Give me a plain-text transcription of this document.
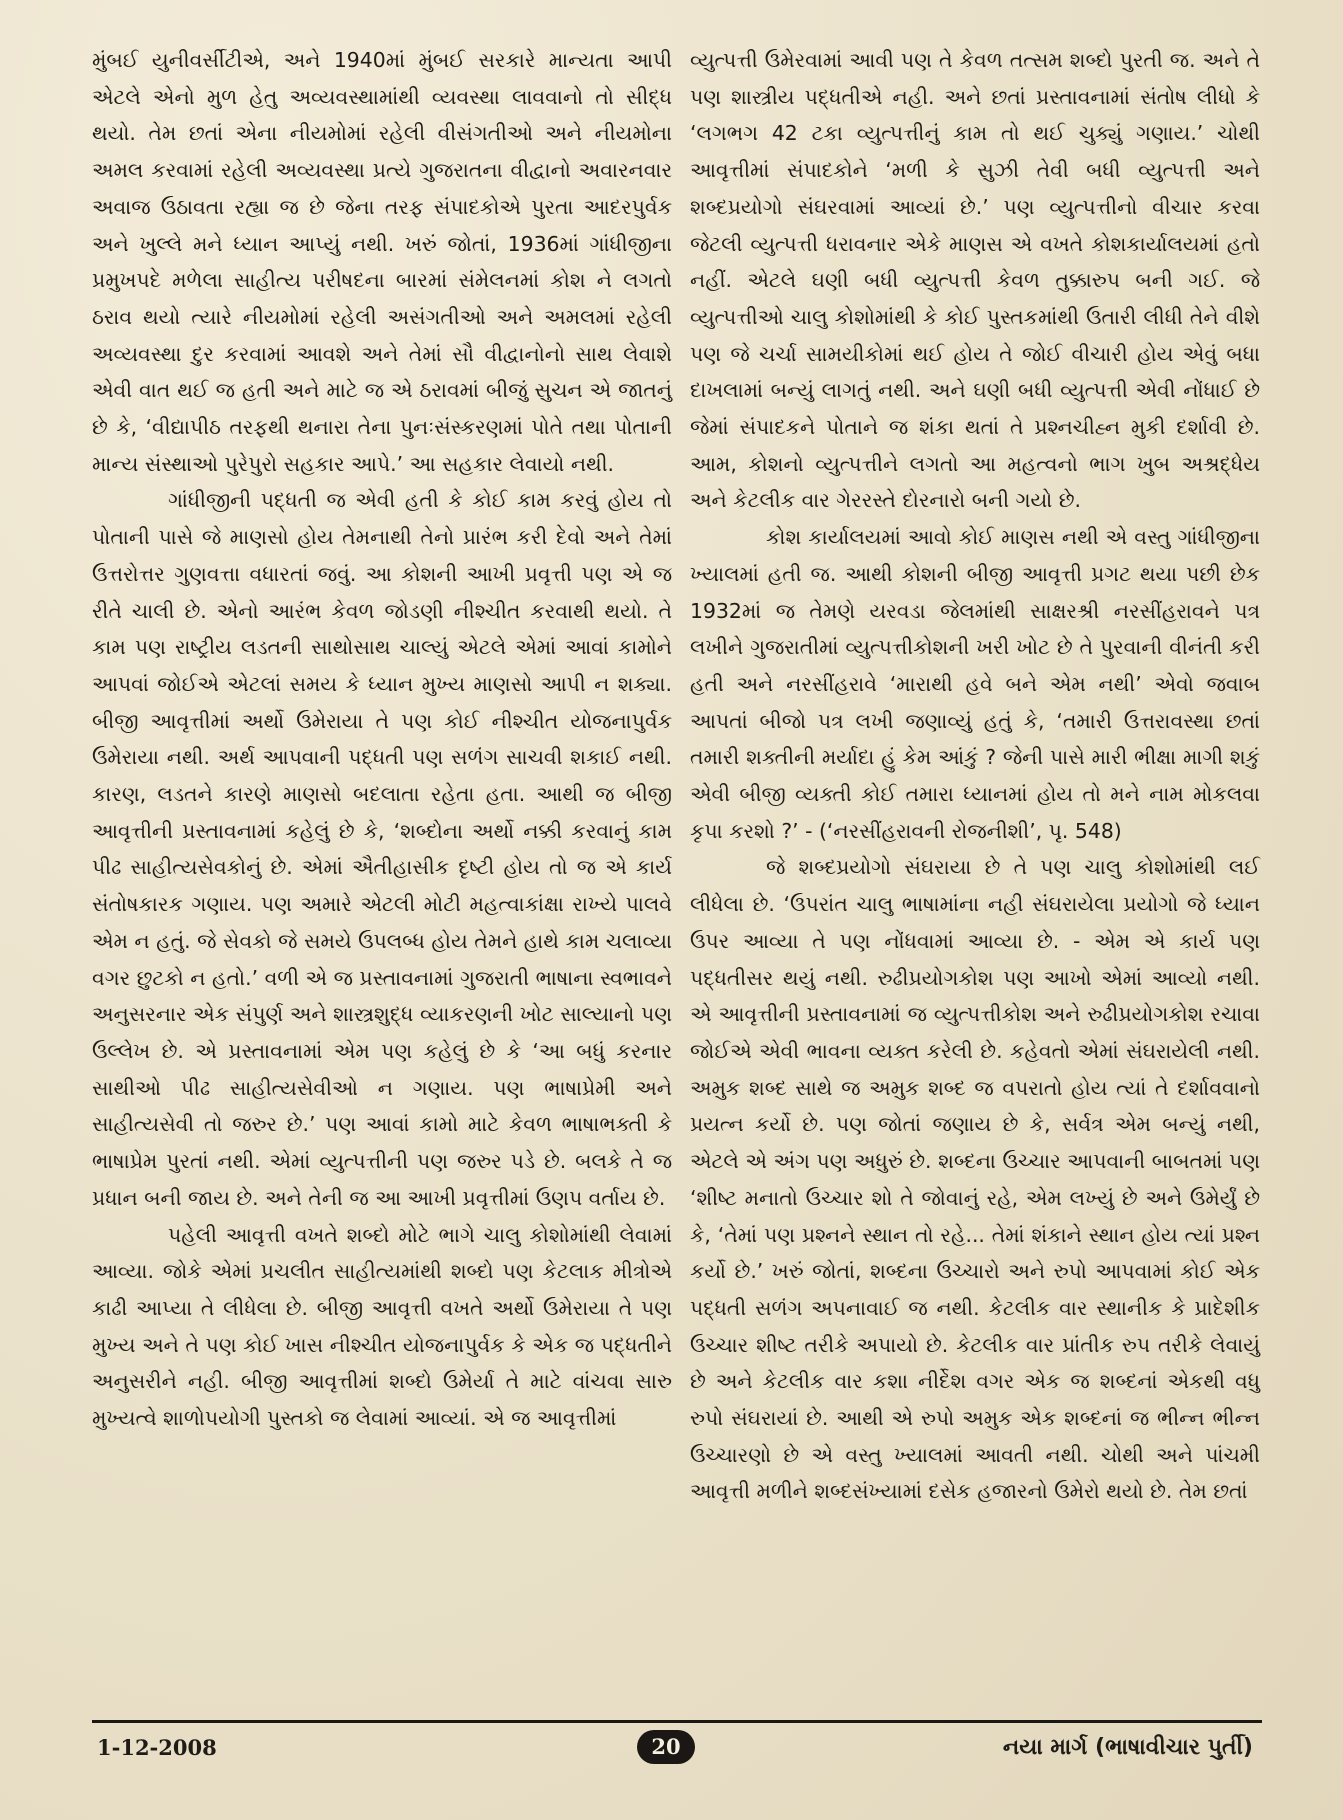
મુંબઈ યુનીવર્સીટીએ, અને 1940માં મુંબઈ સરકારે માન્યતા આપી એટલે એનો મુળ હેતુ અવ્યવસ્થામાંથી વ્યવસ્થા લાવવાનો તો સીદ્ધ થયો. તેમ છતાં એના નીયમોમાં રહેલી વીસંગતીઓ અને નીયમોના અમલ કરવામાં રહેલી અવ્યવસ્થા પ્રત્યે ગુજરાતના વીદ્વાનો અવારનવાર અવાજ ઉઠાવતા રહ્યા જ છે જેના તરફ સંપાદકોએ પુરતા આદરપુર્વક અને ખુલ્લે મને ધ્યાન આપ્યું નથી. ખરું જોતાં, 1936માં ગાંધીજીના પ્રમુખપદે મળેલા સાહીત્ય પરીષદના બારમાં સંમેલનમાં કોશ ને લગતો ઠરાવ થયો ત્યારે નીયમોમાં રહેલી અસંગતીઓ અને અમલમાં રહેલી અવ્યવસ્થા દુર કરવામાં આવશે અને તેમાં સૌ વીદ્વાનોનો સાથ લેવાશે એવી વાત થઈ જ હતી અને માટે જ એ ઠરાવમાં બીજું સુચન એ જાતનું છે કે, ‘વીદ્યાપીઠ તરફથી થનારા તેના પુનઃસંસ્કરણમાં પોતે તથા પોતાની માન્ય સંસ્થાઓ પુરેપુરો સહકાર આપે.’ આ સહકાર લેવાયો નથી.

ગાંધીજીની પદ્ધતી જ એવી હતી કે કોઈ કામ કરવું હોય તો પોતાની પાસે જે માણસો હોય તેમનાથી તેનો પ્રારંભ કરી દેવો અને તેમાં ઉત્તરોત્તર ગુણવત્તા વધારતાં જવું. આ કોશની આખી પ્રવૃત્તી પણ એ જ રીતે ચાલી છે. એનો આરંભ કેવળ જોડણી નીશ્ચીત કરવાથી થયો. તે કામ પણ રાષ્ટ્રીય લડતની સાથોસાથ ચાલ્યું એટલે એમાં આવાં કામોને આપવાં જોઈએ એટલાં સમય કે ધ્યાન મુખ્ય માણસો આપી ન શક્યા. બીજી આવૃત્તીમાં અર્થો ઉમેરાયા તે પણ કોઈ નીશ્ચીત યોજનાપુર્વક ઉમેરાયા નથી. અર્થ આપવાની પદ્ધતી પણ સળંગ સાચવી શકાઈ નથી. કારણ, લડતને કારણે માણસો બદલાતા રહેતા હતા. આથી જ બીજી આવૃત્તીની પ્રસ્તાવનામાં કહેલું છે કે, ‘શબ્દોના અર્થો નક્કી કરવાનું કામ પીઢ સાહીત્યસેવકોનું છે. એમાં ઐતીહાસીક દૃષ્ટી હોય તો જ એ કાર્ય સંતોષકારક ગણાય. પણ અમારે એટલી મોટી મહત્વાકાંક્ષા રાખ્યે પાલવે એમ ન હતું. જે સેવકો જે સમયે ઉપલબ્ધ હોય તેમને હાથે કામ ચલાવ્યા વગર છુટકો ન હતો.’ વળી એ જ પ્રસ્તાવનામાં ગુજરાતી ભાષાના સ્વભાવને અનુસરનાર એક સંપુર્ણ અને શાસ્ત્રશુદ્ધ વ્યાકરણની ખોટ સાલ્યાનો પણ ઉલ્લેખ છે. એ પ્રસ્તાવનામાં એમ પણ કહેલું છે કે ‘આ બધું કરનાર સાથીઓ પીઢ સાહીત્યસેવીઓ ન ગણાય. પણ ભાષાપ્રેમી અને સાહીત્યસેવી તો જરુર છે.’ પણ આવાં કામો માટે કેવળ ભાષાભક્તી કે ભાષાપ્રેમ પુરતાં નથી. એમાં વ્યુત્પત્તીની પણ જરુર પડે છે. બલકે તે જ પ્રધાન બની જાય છે. અને તેની જ આ આખી પ્રવૃત્તીમાં ઉણપ વર્તાય છે.

પહેલી આવૃત્તી વખતે શબ્દો મોટે ભાગે ચાલુ કોશોમાંથી લેવામાં આવ્યા. જોકે એમાં પ્રચલીત સાહીત્યમાંથી શબ્દો પણ કેટલાક મીત્રોએ કાઢી આપ્યા તે લીધેલા છે. બીજી આવૃત્તી વખતે અર્થો ઉમેરાયા તે પણ મુખ્ય અને તે પણ કોઈ ખાસ નીશ્ચીત યોજનાપુર્વક કે એક જ પદ્ધતીને અનુસરીને નહી. બીજી આવૃત્તીમાં શબ્દો ઉમેર્યા તે માટે વાંચવા સારુ મુખ્યત્વે શાળોપયોગી પુસ્તકો જ લેવામાં આવ્યાં. એ જ આવૃત્તીમાં

વ્યુત્પત્તી ઉમેરવામાં આવી પણ તે કેવળ તત્સમ શબ્દો પુરતી જ. અને તે પણ શાસ્ત્રીય પદ્ધતીએ નહી. અને છતાં પ્રસ્તાવનામાં સંતોષ લીધો કે ‘લગભગ 42 ટકા વ્યુત્પત્તીનું કામ તો થઈ ચુક્યું ગણાય.’ ચોથી આવૃત્તીમાં સંપાદકોને ‘મળી કે સુઝી તેવી બધી વ્યુત્પત્તી અને શબ્દપ્રયોગો સંઘરવામાં આવ્યાં છે.’ પણ વ્યુત્પત્તીનો વીચાર કરવા જેટલી વ્યુત્પત્તી ધરાવનાર એકે માણસ એ વખતે કોશકાર્યાલયમાં હતો નહીં. એટલે ઘણી બધી વ્યુત્પત્તી કેવળ તુક્કારુપ બની ગઈ. જે વ્યુત્પત્તીઓ ચાલુ કોશોમાંથી કે કોઈ પુસ્તકમાંથી ઉતારી લીધી તેને વીશે પણ જે ચર્ચા સામયીકોમાં થઈ હોય તે જોઈ વીચારી હોય એવું બધા દાખલામાં બન્યું લાગતું નથી. અને ઘણી બધી વ્યુત્પત્તી એવી નોંધાઈ છે જેમાં સંપાદકને પોતાને જ શંકા થતાં તે પ્રશ્નચીહ્ન મુકી દર્શાવી છે. આમ, કોશનો વ્યુત્પત્તીને લગતો આ મહત્વનો ભાગ ખુબ અશ્રદ્ધેય અને કેટલીક વાર ગેરરસ્તે દોરનારો બની ગયો છે.

કોશ કાર્યાલયમાં આવો કોઈ માણસ નથી એ વસ્તુ ગાંધીજીના ખ્યાલમાં હતી જ. આથી કોશની બીજી આવૃત્તી પ્રગટ થયા પછી છેક 1932માં જ તેમણે યરવડા જેલમાંથી સાક્ષરશ્રી નરસીંહરાવને પત્ર લખીને ગુજરાતીમાં વ્યુત્પત્તીકોશની ખરી ખોટ છે તે પુરવાની વીનંતી કરી હતી અને નરસીંહરાવે ‘મારાથી હવે બને એમ નથી’ એવો જવાબ આપતાં બીજો પત્ર લખી જણાવ્યું હતું કે, ‘તમારી ઉત્તરાવસ્થા છતાં તમારી શક્તીની મર્યાદા હું કેમ આંકું ? જેની પાસે મારી ભીક્ષા માગી શકું એવી બીજી વ્યક્તી કોઈ તમારા ધ્યાનમાં હોય તો મને નામ મોકલવા કૃપા કરશો ?’ - (‘નરસીંહરાવની રોજનીશી’, પૃ. 548)

જે શબ્દપ્રયોગો સંઘરાયા છે તે પણ ચાલુ કોશોમાંથી લઈ લીધેલા છે. ‘ઉપરાંત ચાલુ ભાષામાંના નહી સંઘરાયેલા પ્રયોગો જે ધ્યાન ઉપર આવ્યા તે પણ નોંધવામાં આવ્યા છે. - એમ એ કાર્ય પણ પદ્ધતીસર થયું નથી. રુઢીપ્રયોગકોશ પણ આખો એમાં આવ્યો નથી. એ આવૃત્તીની પ્રસ્તાવનામાં જ વ્યુત્પત્તીકોશ અને રુઢીપ્રયોગકોશ રચાવા જોઈએ એવી ભાવના વ્યક્ત કરેલી છે. કહેવતો એમાં સંઘરાયેલી નથી. અમુક શબ્દ સાથે જ અમુક શબ્દ જ વપરાતો હોય ત્યાં તે દર્શાવવાનો પ્રયત્ન કર્યો છે. પણ જોતાં જણાય છે કે, સર્વત્ર એમ બન્યું નથી, એટલે એ અંગ પણ અધુરું છે. શબ્દના ઉચ્ચાર આપવાની બાબતમાં પણ ‘શીષ્ટ મનાતો ઉચ્ચાર શો તે જોવાનું રહે, એમ લખ્યું છે અને ઉમેર્યું છે કે, ‘તેમાં પણ પ્રશ્નને સ્થાન તો રહે... તેમાં શંકાને સ્થાન હોય ત્યાં પ્રશ્ન કર્યો છે.’ ખરું જોતાં, શબ્દના ઉચ્ચારો અને રુપો આપવામાં કોઈ એક પદ્ધતી સળંગ અપનાવાઈ જ નથી. કેટલીક વાર સ્થાનીક કે પ્રાદેશીક ઉચ્ચાર શીષ્ટ તરીકે અપાયો છે. કેટલીક વાર પ્રાંતીક રુપ તરીકે લેવાયું છે અને કેટલીક વાર કશા નીર્દેશ વગર એક જ શબ્દનાં એકથી વધુ રુપો સંઘરાયાં છે. આથી એ રુપો અમુક એક શબ્દનાં જ ભીન્ન ભીન્ન ઉચ્ચારણો છે એ વસ્તુ ખ્યાલમાં આવતી નથી. ચોથી અને પાંચમી આવૃત્તી મળીને શબ્દસંખ્યામાં દસેક હજારનો ઉમેરો થયો છે. તેમ છતાં

1-12-2008	20	નયા માર્ગ (ભાષાવીચાર પુર્તી)
